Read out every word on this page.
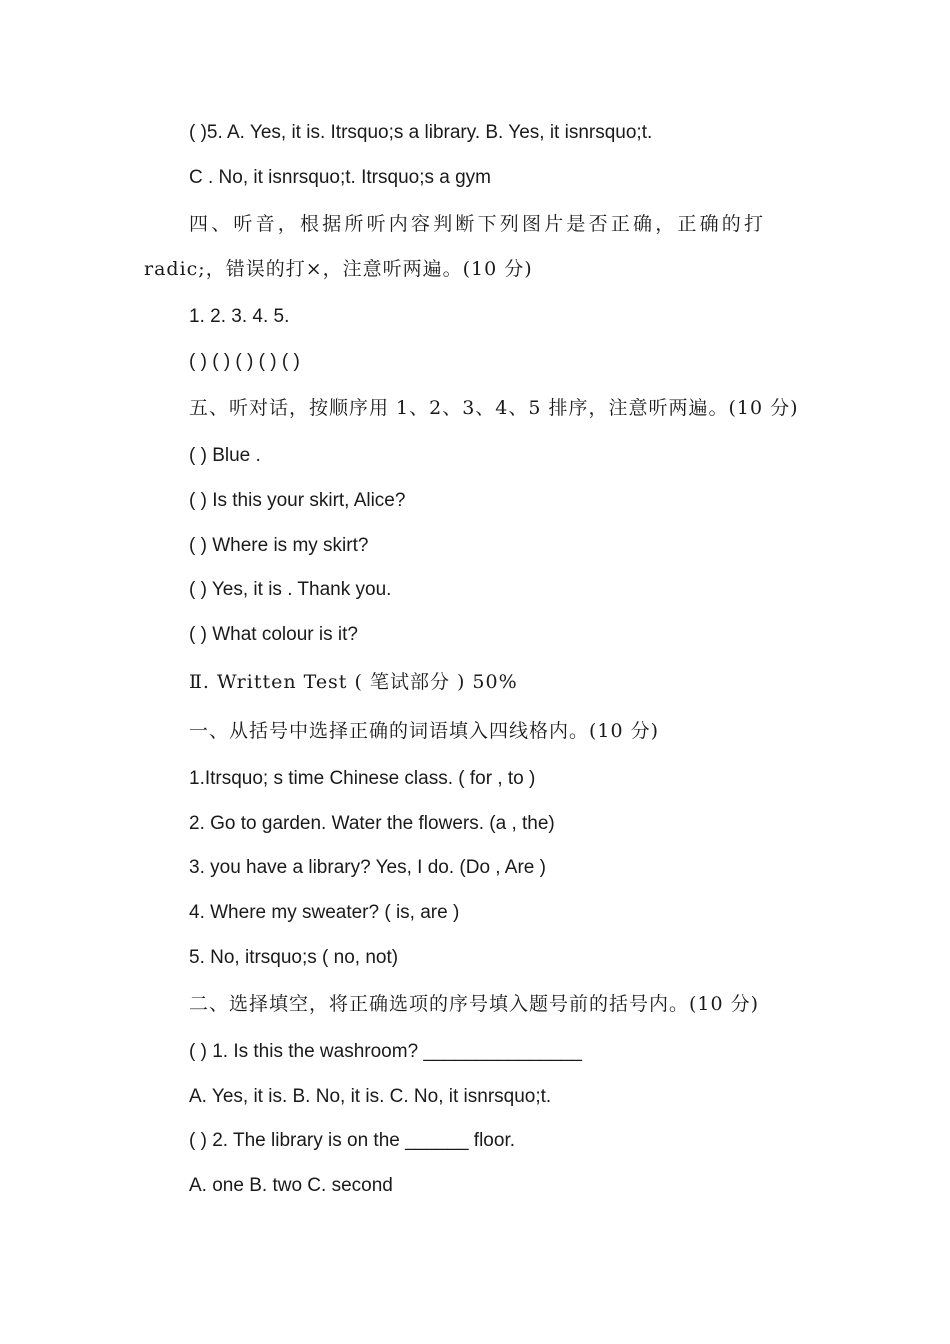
( )5. A. Yes, it is. Itrsquo;s a library. B. Yes, it isnrsquo;t.
C . No, it isnrsquo;t. Itrsquo;s a gym
四、听音，根据所听内容判断下列图片是否正确，正确的打
radic;，错误的打×，注意听两遍。(10 分)
1. 2. 3. 4. 5.
( ) ( ) ( ) ( ) ( )
五、听对话，按顺序用 1、2、3、4、5 排序，注意听两遍。(10 分)
( ) Blue .
( ) Is this your skirt, Alice?
( ) Where is my skirt?
( ) Yes, it is . Thank you.
( ) What colour is it?
Ⅱ. Written Test ( 笔试部分 ) 50%
一、从括号中选择正确的词语填入四线格内。(10 分)
1.Itrsquo; s time Chinese class. ( for , to )
2. Go to garden. Water the flowers. (a , the)
3. you have a library? Yes, I do. (Do , Are )
4. Where my sweater? ( is, are )
5. No, itrsquo;s ( no, not)
二、选择填空，将正确选项的序号填入题号前的括号内。(10 分)
( ) 1. Is this the washroom? _______________
A. Yes, it is. B. No, it is. C. No, it isnrsquo;t.
( ) 2. The library is on the ______ floor.
A. one B. two C. second
